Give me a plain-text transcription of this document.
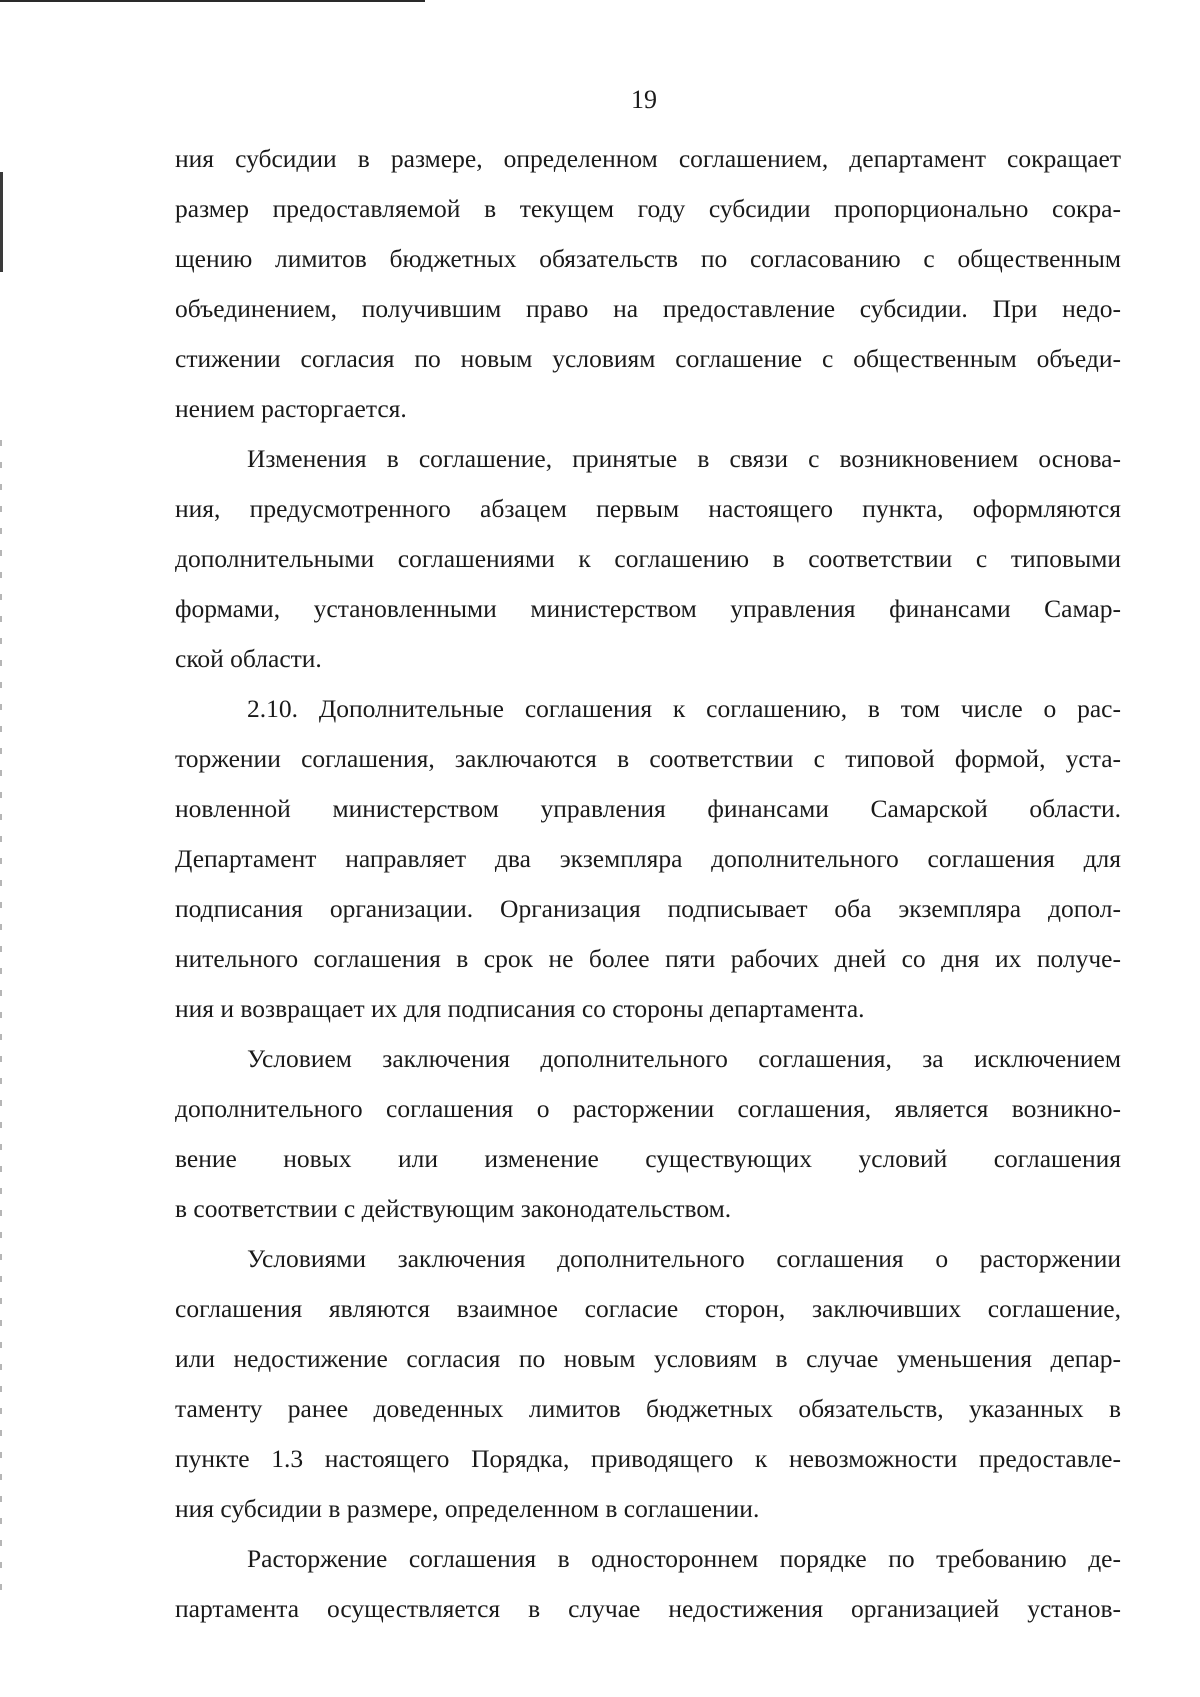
19
ния субсидии в размере, определенном соглашением, департамент сокращает
размер предоставляемой в текущем году субсидии пропорционально сокра-
щению лимитов бюджетных обязательств по согласованию с общественным
объединением, получившим право на предоставление субсидии. При недо-
стижении согласия по новым условиям соглашение с общественным объеди-
нением расторгается.
Изменения в соглашение, принятые в связи с возникновением основа-
ния, предусмотренного абзацем первым настоящего пункта, оформляются
дополнительными соглашениями к соглашению в соответствии с типовыми
формами, установленными министерством управления финансами Самар-
ской области.
2.10. Дополнительные соглашения к соглашению, в том числе о рас-
торжении соглашения, заключаются в соответствии с типовой формой, уста-
новленной министерством управления финансами Самарской области.
Департамент направляет два экземпляра дополнительного соглашения для
подписания организации. Организация подписывает оба экземпляра допол-
нительного соглашения в срок не более пяти рабочих дней со дня их получе-
ния и возвращает их для подписания со стороны департамента.
Условием заключения дополнительного соглашения, за исключением
дополнительного соглашения о расторжении соглашения, является возникно-
вение новых или изменение существующих условий соглашения
в соответствии с действующим законодательством.
Условиями заключения дополнительного соглашения о расторжении
соглашения являются взаимное согласие сторон, заключивших соглашение,
или недостижение согласия по новым условиям в случае уменьшения депар-
таменту ранее доведенных лимитов бюджетных обязательств, указанных в
пункте 1.3 настоящего Порядка, приводящего к невозможности предоставле-
ния субсидии в размере, определенном в соглашении.
Расторжение соглашения в одностороннем порядке по требованию де-
партамента осуществляется в случае недостижения организацией установ-
